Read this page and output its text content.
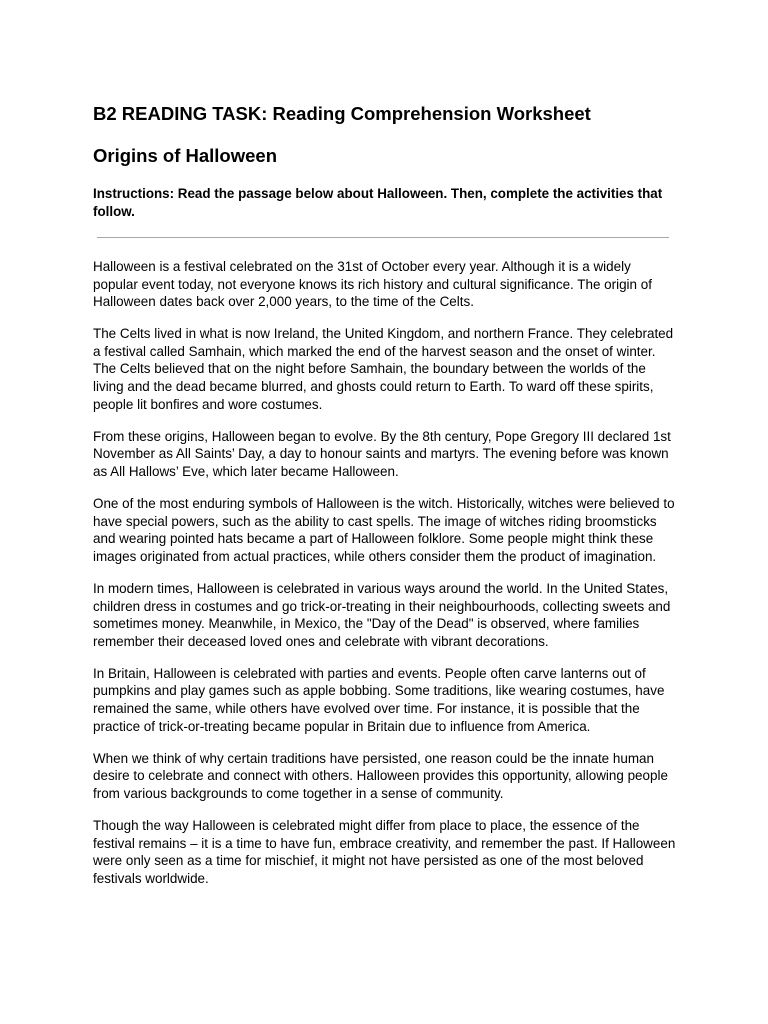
B2 READING TASK: Reading Comprehension Worksheet
Origins of Halloween

Instructions: Read the passage below about Halloween. Then, complete the activities that follow.

Halloween is a festival celebrated on the 31st of October every year. Although it is a widely popular event today, not everyone knows its rich history and cultural significance. The origin of Halloween dates back over 2,000 years, to the time of the Celts.

The Celts lived in what is now Ireland, the United Kingdom, and northern France. They celebrated a festival called Samhain, which marked the end of the harvest season and the onset of winter. The Celts believed that on the night before Samhain, the boundary between the worlds of the living and the dead became blurred, and ghosts could return to Earth. To ward off these spirits, people lit bonfires and wore costumes.

From these origins, Halloween began to evolve. By the 8th century, Pope Gregory III declared 1st November as All Saints’ Day, a day to honour saints and martyrs. The evening before was known as All Hallows’ Eve, which later became Halloween.

One of the most enduring symbols of Halloween is the witch. Historically, witches were believed to have special powers, such as the ability to cast spells. The image of witches riding broomsticks and wearing pointed hats became a part of Halloween folklore. Some people might think these images originated from actual practices, while others consider them the product of imagination.

In modern times, Halloween is celebrated in various ways around the world. In the United States, children dress in costumes and go trick-or-treating in their neighbourhoods, collecting sweets and sometimes money. Meanwhile, in Mexico, the "Day of the Dead" is observed, where families remember their deceased loved ones and celebrate with vibrant decorations.

In Britain, Halloween is celebrated with parties and events. People often carve lanterns out of pumpkins and play games such as apple bobbing. Some traditions, like wearing costumes, have remained the same, while others have evolved over time. For instance, it is possible that the practice of trick-or-treating became popular in Britain due to influence from America.

When we think of why certain traditions have persisted, one reason could be the innate human desire to celebrate and connect with others. Halloween provides this opportunity, allowing people from various backgrounds to come together in a sense of community.

Though the way Halloween is celebrated might differ from place to place, the essence of the festival remains – it is a time to have fun, embrace creativity, and remember the past. If Halloween were only seen as a time for mischief, it might not have persisted as one of the most beloved festivals worldwide.
